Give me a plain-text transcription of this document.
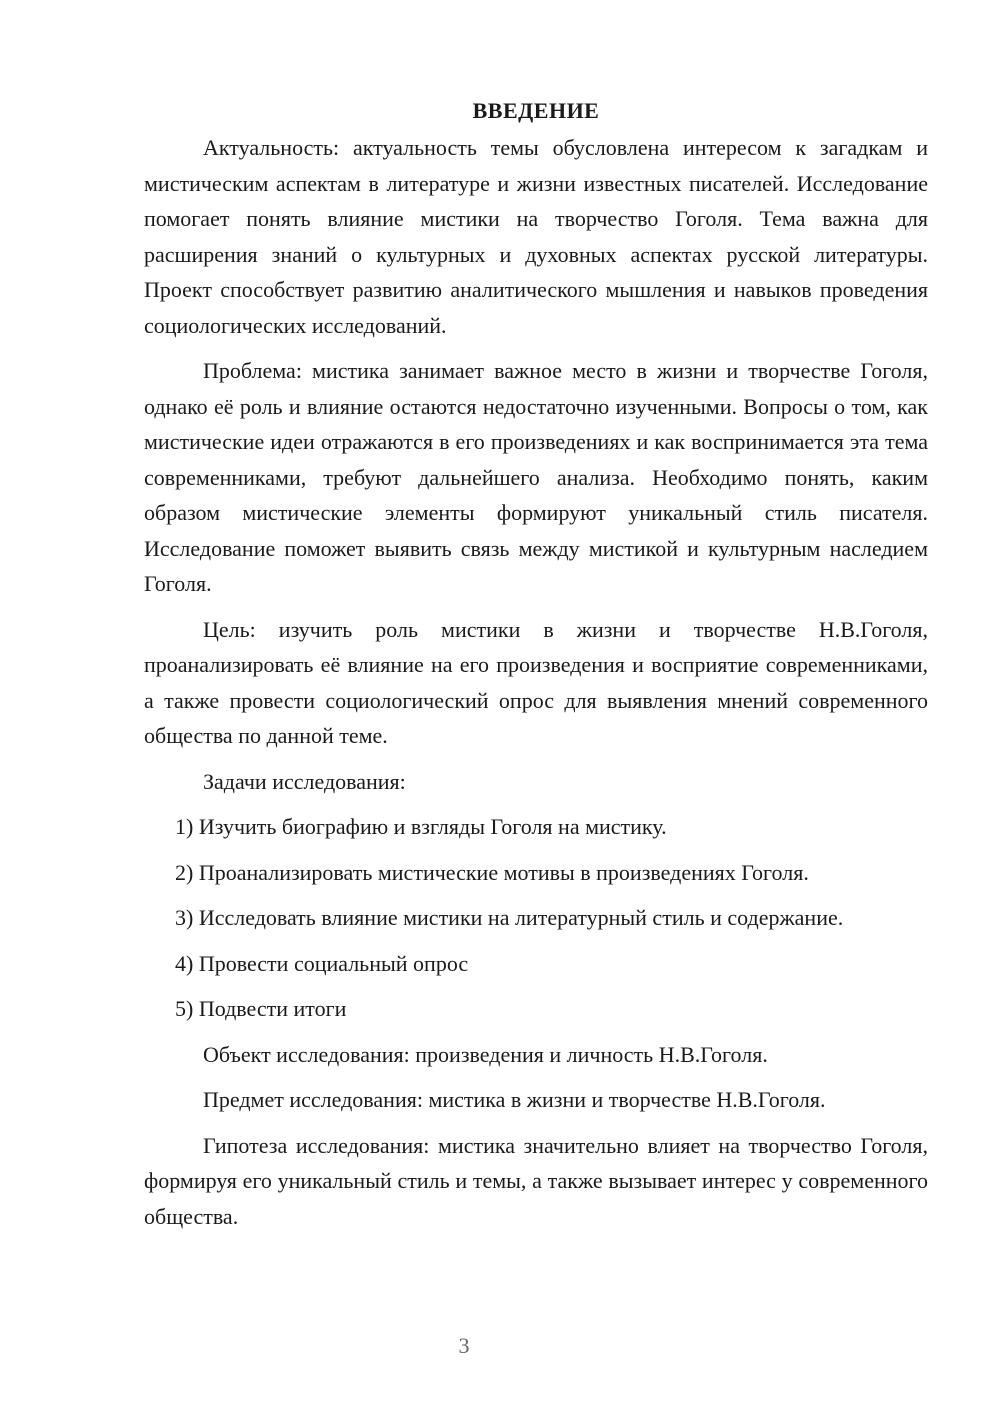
ВВЕДЕНИЕ

Актуальность: актуальность темы обусловлена интересом к загадкам и мистическим аспектам в литературе и жизни известных писателей. Исследование помогает понять влияние мистики на творчество Гоголя. Тема важна для расширения знаний о культурных и духовных аспектах русской литературы. Проект способствует развитию аналитического мышления и навыков проведения социологических исследований.

Проблема: мистика занимает важное место в жизни и творчестве Гоголя, однако её роль и влияние остаются недостаточно изученными. Вопросы о том, как мистические идеи отражаются в его произведениях и как воспринимается эта тема современниками, требуют дальнейшего анализа. Необходимо понять, каким образом мистические элементы формируют уникальный стиль писателя. Исследование поможет выявить связь между мистикой и культурным наследием Гоголя.

Цель: изучить роль мистики в жизни и творчестве Н.В.Гоголя, проанализировать её влияние на его произведения и восприятие современниками, а также провести социологический опрос для выявления мнений современного общества по данной теме.

Задачи исследования:
1) Изучить биографию и взгляды Гоголя на мистику.
2) Проанализировать мистические мотивы в произведениях Гоголя.
3) Исследовать влияние мистики на литературный стиль и содержание.
4) Провести социальный опрос
5) Подвести итоги
Объект исследования: произведения и личность Н.В.Гоголя.
Предмет исследования: мистика в жизни и творчестве Н.В.Гоголя.

Гипотеза исследования: мистика значительно влияет на творчество Гоголя, формируя его уникальный стиль и темы, а также вызывает интерес у современного общества.

3
